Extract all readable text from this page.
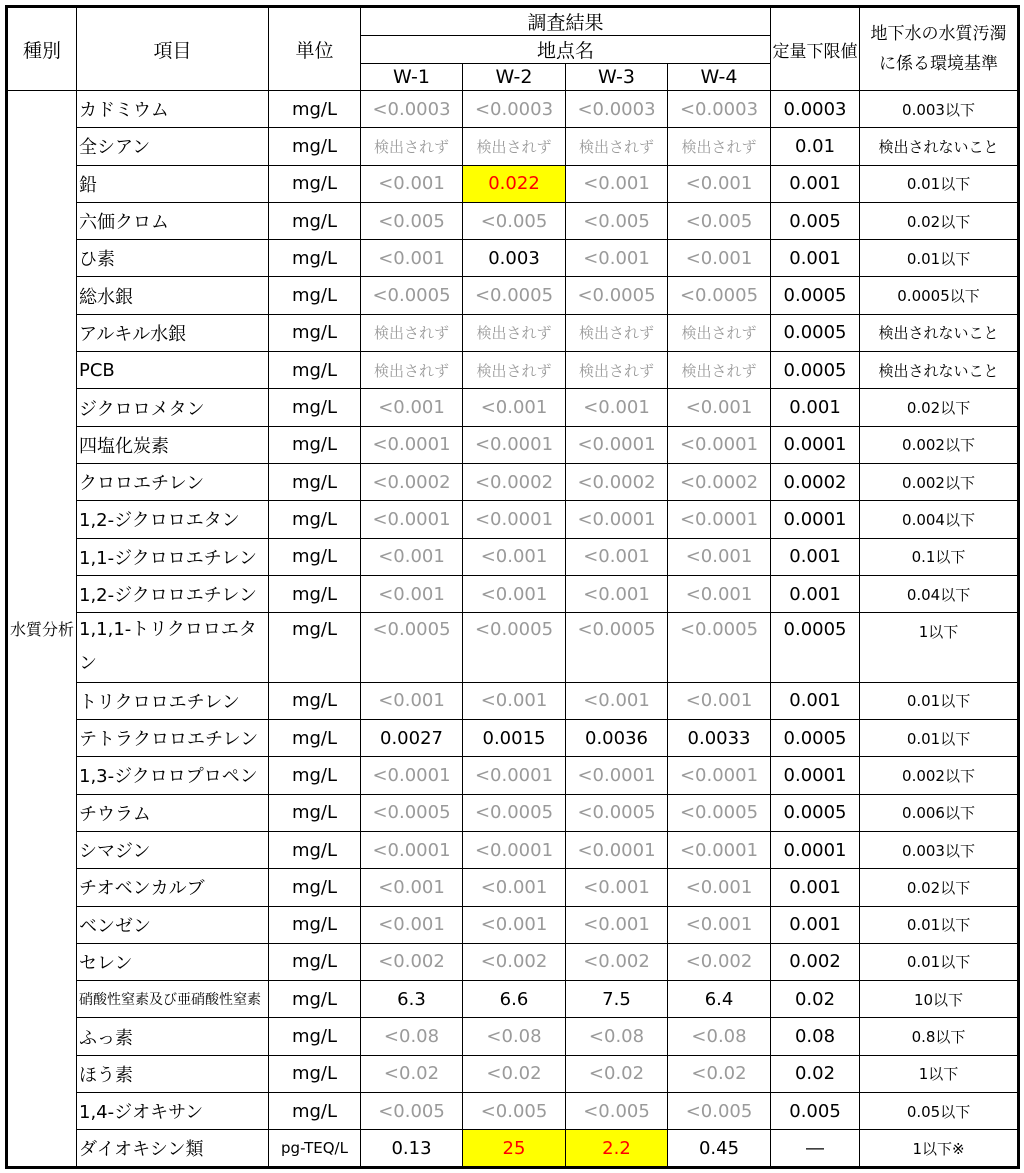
種別	項目	単位	調査結果				定量下限値	地下水の水質汚濁
に係る環境基準
			地点名					
			W-1	W-2	W-3	W-4		
水質分析	カドミウム	mg/L	<0.0003	<0.0003	<0.0003	<0.0003	0.0003	0.003以下
	全シアン	mg/L	検出されず	検出されず	検出されず	検出されず	0.01	検出されないこと
	鉛	mg/L	<0.001	0.022	<0.001	<0.001	0.001	0.01以下
	六価クロム	mg/L	<0.005	<0.005	<0.005	<0.005	0.005	0.02以下
	ひ素	mg/L	<0.001	0.003	<0.001	<0.001	0.001	0.01以下
	総水銀	mg/L	<0.0005	<0.0005	<0.0005	<0.0005	0.0005	0.0005以下
	アルキル水銀	mg/L	検出されず	検出されず	検出されず	検出されず	0.0005	検出されないこと
	PCB	mg/L	検出されず	検出されず	検出されず	検出されず	0.0005	検出されないこと
	ジクロロメタン	mg/L	<0.001	<0.001	<0.001	<0.001	0.001	0.02以下
	四塩化炭素	mg/L	<0.0001	<0.0001	<0.0001	<0.0001	0.0001	0.002以下
	クロロエチレン	mg/L	<0.0002	<0.0002	<0.0002	<0.0002	0.0002	0.002以下
	1,2-ジクロロエタン	mg/L	<0.0001	<0.0001	<0.0001	<0.0001	0.0001	0.004以下
	1,1-ジクロロエチレン	mg/L	<0.001	<0.001	<0.001	<0.001	0.001	0.1以下
	1,2-ジクロロエチレン	mg/L	<0.001	<0.001	<0.001	<0.001	0.001	0.04以下
	1,1,1-トリクロロエタン	mg/L	<0.0005	<0.0005	<0.0005	<0.0005	0.0005	1以下
	トリクロロエチレン	mg/L	<0.001	<0.001	<0.001	<0.001	0.001	0.01以下
	テトラクロロエチレン	mg/L	0.0027	0.0015	0.0036	0.0033	0.0005	0.01以下
	1,3-ジクロロプロペン	mg/L	<0.0001	<0.0001	<0.0001	<0.0001	0.0001	0.002以下
	チウラム	mg/L	<0.0005	<0.0005	<0.0005	<0.0005	0.0005	0.006以下
	シマジン	mg/L	<0.0001	<0.0001	<0.0001	<0.0001	0.0001	0.003以下
	チオベンカルブ	mg/L	<0.001	<0.001	<0.001	<0.001	0.001	0.02以下
	ベンゼン	mg/L	<0.001	<0.001	<0.001	<0.001	0.001	0.01以下
	セレン	mg/L	<0.002	<0.002	<0.002	<0.002	0.002	0.01以下
	硝酸性窒素及び亜硝酸性窒素	mg/L	6.3	6.6	7.5	6.4	0.02	10以下
	ふっ素	mg/L	<0.08	<0.08	<0.08	<0.08	0.08	0.8以下
	ほう素	mg/L	<0.02	<0.02	<0.02	<0.02	0.02	1以下
	1,4-ジオキサン	mg/L	<0.005	<0.005	<0.005	<0.005	0.005	0.05以下
	ダイオキシン類	pg-TEQ/L	0.13	25	2.2	0.45	―	1以下※
